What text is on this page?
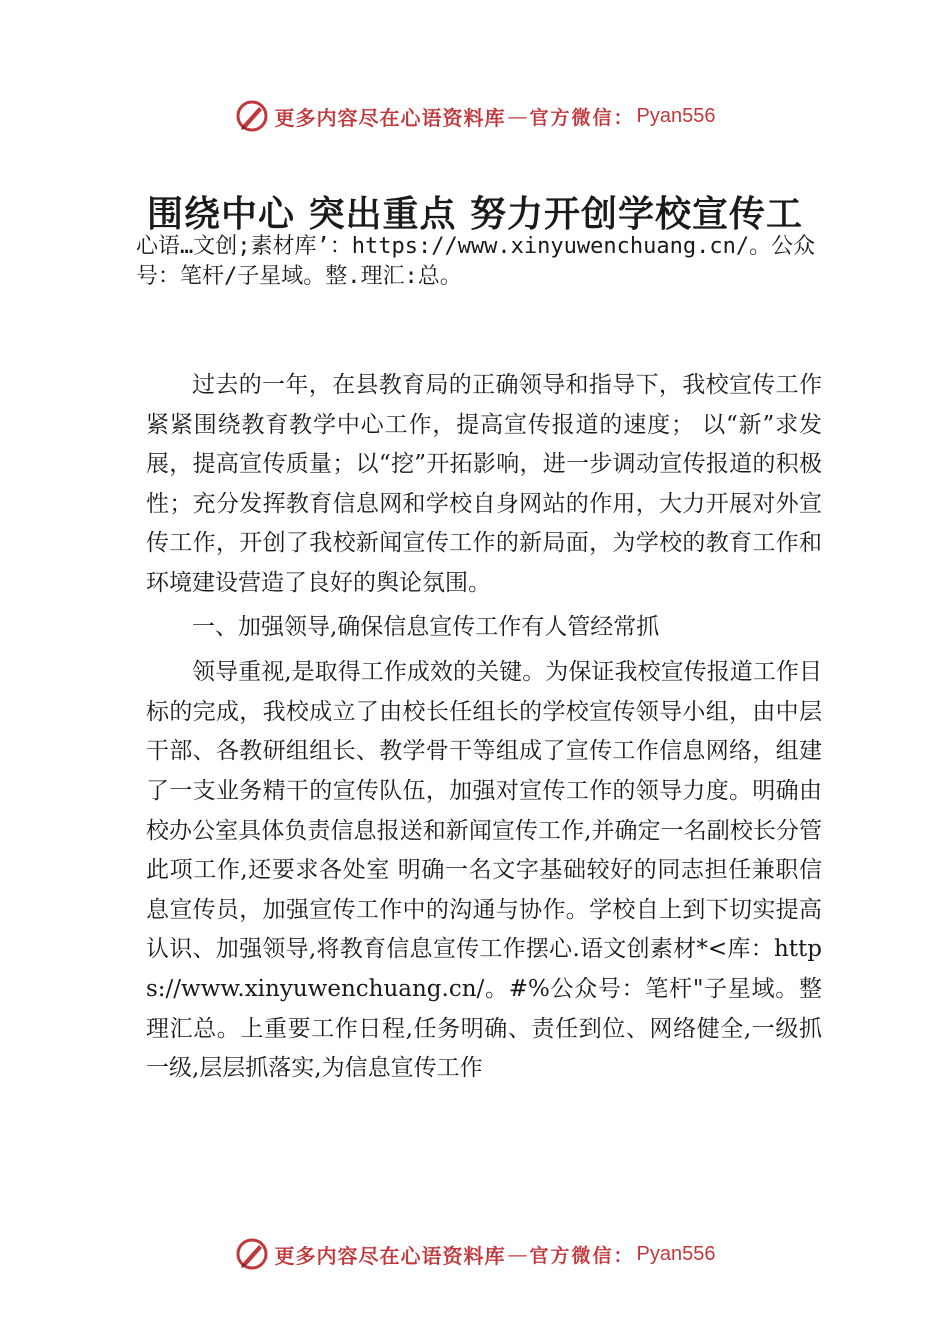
更多内容尽在心语资料库 — 官方微信： Pyan556
围绕中心 突出重点 努力开创学校宣传工

心语…文创;素材库’：https://www.xinyuwenchuang.cn/。公众号：笔杆/子星域。整.理汇:总。

过去的一年，在县教育局的正确领导和指导下，我校宣传工作紧紧围绕教育教学中心工作，提高宣传报道的速度； 以“新”求发展，提高宣传质量；以“挖”开拓影响，进一步调动宣传报道的积极性；充分发挥教育信息网和学校自身网站的作用，大力开展对外宣传工作，开创了我校新闻宣传工作的新局面，为学校的教育工作和环境建设营造了良好的舆论氛围。

一、加强领导,确保信息宣传工作有人管经常抓

领导重视,是取得工作成效的关键。为保证我校宣传报道工作目标的完成，我校成立了由校长任组长的学校宣传领导小组，由中层干部、各教研组组长、教学骨干等组成了宣传工作信息网络，组建了一支业务精干的宣传队伍，加强对宣传工作的领导力度。明确由校办公室具体负责信息报送和新闻宣传工作,并确定一名副校长分管此项工作,还要求各处室 明确一名文字基础较好的同志担任兼职信息宣传员，加强宣传工作中的沟通与协作。学校自上到下切实提高认识、加强领导,将教育信息宣传工作摆心.语文创素材*<库：https://www.xinyuwenchuang.cn/。#%公众号：笔杆"子星域。整理汇总。上重要工作日程,任务明确、责任到位、网络健全,一级抓一级,层层抓落实,为信息宣传工作

更多内容尽在心语资料库 — 官方微信： Pyan556
